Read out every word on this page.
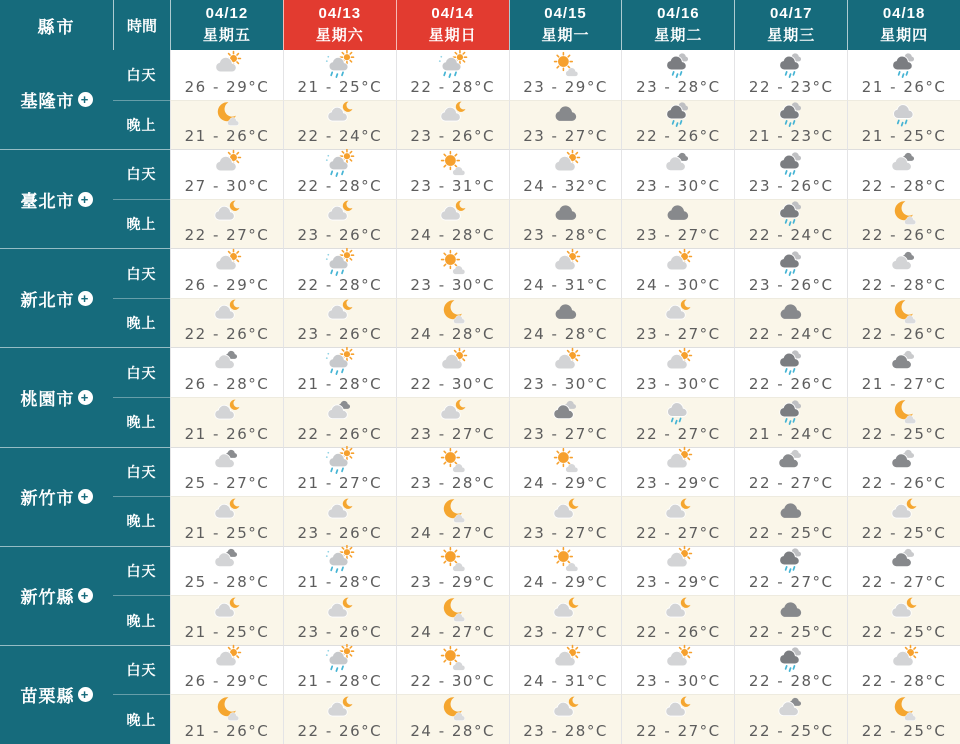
縣市	時間
04/12
星期五
04/13
星期六
04/14
星期日
04/15
星期一
04/16
星期二
04/17
星期三
04/18
星期四
基隆市 +
白天
26 - 29°C 21 - 25°C 22 - 28°C 23 - 29°C 23 - 28°C 22 - 23°C 21 - 26°C
晚上
21 - 26°C 22 - 24°C 23 - 26°C 23 - 27°C 22 - 26°C 21 - 23°C 21 - 25°C
臺北市 +
白天
27 - 30°C 22 - 28°C 23 - 31°C 24 - 32°C 23 - 30°C 23 - 26°C 22 - 28°C
晚上
22 - 27°C 23 - 26°C 24 - 28°C 23 - 28°C 23 - 27°C 22 - 24°C 22 - 26°C
新北市 +
白天
26 - 29°C 22 - 28°C 23 - 30°C 24 - 31°C 24 - 30°C 23 - 26°C 22 - 28°C
晚上
22 - 26°C 23 - 26°C 24 - 28°C 24 - 28°C 23 - 27°C 22 - 24°C 22 - 26°C
桃園市 +
白天
26 - 28°C 21 - 28°C 22 - 30°C 23 - 30°C 23 - 30°C 22 - 26°C 21 - 27°C
晚上
21 - 26°C 22 - 26°C 23 - 27°C 23 - 27°C 22 - 27°C 21 - 24°C 22 - 25°C
新竹市 +
白天
25 - 27°C 21 - 27°C 23 - 28°C 24 - 29°C 23 - 29°C 22 - 27°C 22 - 26°C
晚上
21 - 25°C 23 - 26°C 24 - 27°C 23 - 27°C 22 - 27°C 22 - 25°C 22 - 25°C
新竹縣 +
白天
25 - 28°C 21 - 28°C 23 - 29°C 24 - 29°C 23 - 29°C 22 - 27°C 22 - 27°C
晚上
21 - 25°C 23 - 26°C 24 - 27°C 23 - 27°C 22 - 26°C 22 - 25°C 22 - 25°C
苗栗縣 +
白天
26 - 29°C 21 - 28°C 22 - 30°C 24 - 31°C 23 - 30°C 22 - 28°C 22 - 28°C
晚上
21 - 26°C 22 - 26°C 24 - 28°C 23 - 28°C 22 - 27°C 22 - 25°C 22 - 25°C
